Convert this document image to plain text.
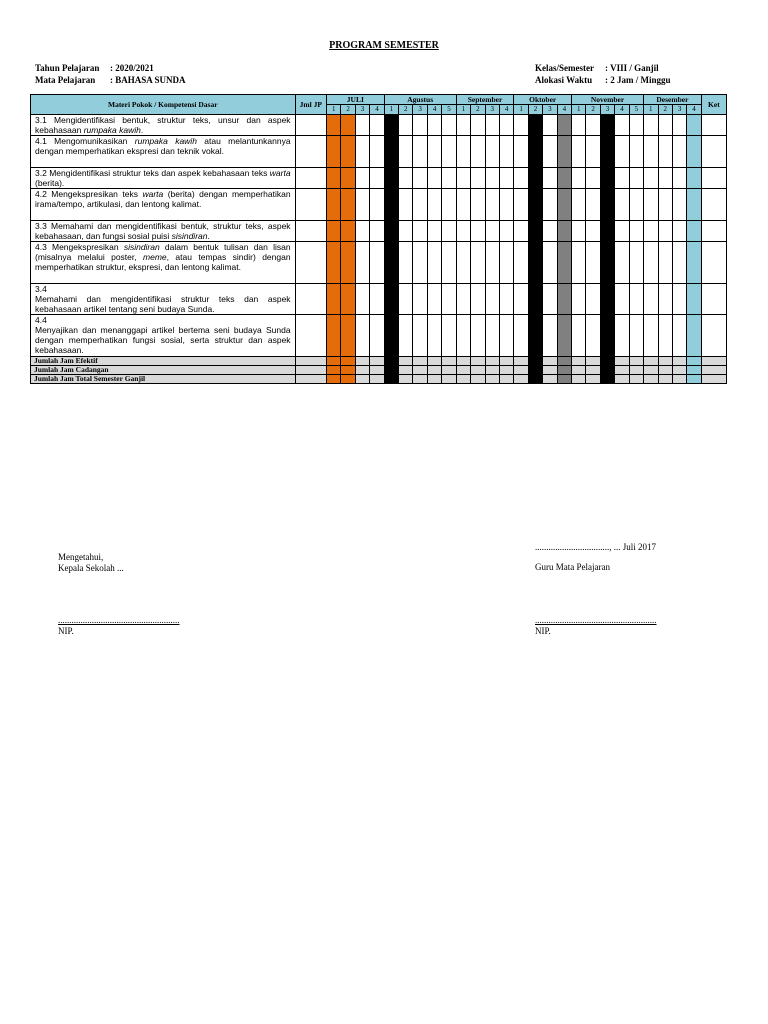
PROGRAM SEMESTER
Tahun Pelajaran	: 2020/2021
Mata Pelajaran	: BAHASA SUNDA
Kelas/Semester	: VIII / Ganjil
Alokasi Waktu	: 2 Jam / Minggu
Materi Pokok / Kompetensi Dasar	Jml JP	JULI				Agustus					September				Oktober				November					Desember				Ket
		1	2	3	4	1	2	3	4	5	1	2	3	4	1	2	3	4	1	2	3	4	5	1	2	3	4	
3.1 Mengidentifikasi bentuk, struktur teks, unsur dan aspek kebahasaan rumpaka kawih.																												
4.1 Mengomunikasikan rumpaka kawih atau melantunkannya dengan memperhatikan ekspresi dan teknik vokal.																												
3.2 Mengidentifikasi struktur teks dan aspek kebahasaan teks warta (berita).																												
4.2 Mengekspresikan teks warta (berita) dengan memperhatikan irama/tempo, artikulasi, dan lentong kalimat.																												
3.3 Memahami dan mengidentifikasi bentuk, struktur teks, aspek kebahasaan, dan fungsi sosial puisi sisindiran.																												
4.3 Mengekspresikan sisindiran dalam bentuk tulisan dan lisan (misalnya melalui poster, meme, atau tempas sindir) dengan memperhatikan struktur, ekspresi, dan lentong kalimat.																												
3.4
Memahami dan mengidentifikasi struktur teks dan aspek kebahasaan artikel tentang seni budaya Sunda.																												
4.4
Menyajikan dan menanggapi artikel bertema seni budaya Sunda dengan memperhatikan fungsi sosial, serta struktur dan aspek kebahasaan.																												
Jumlah Jam Efektif																												
Jumlah Jam Cadangan																												
Jumlah Jam Total Semester Ganjil																												
................................., ... Juli 2017
Mengetahui,
Kepala Sekolah ...	Guru Mata Pelajaran
......................................................	......................................................
NIP.	NIP.
